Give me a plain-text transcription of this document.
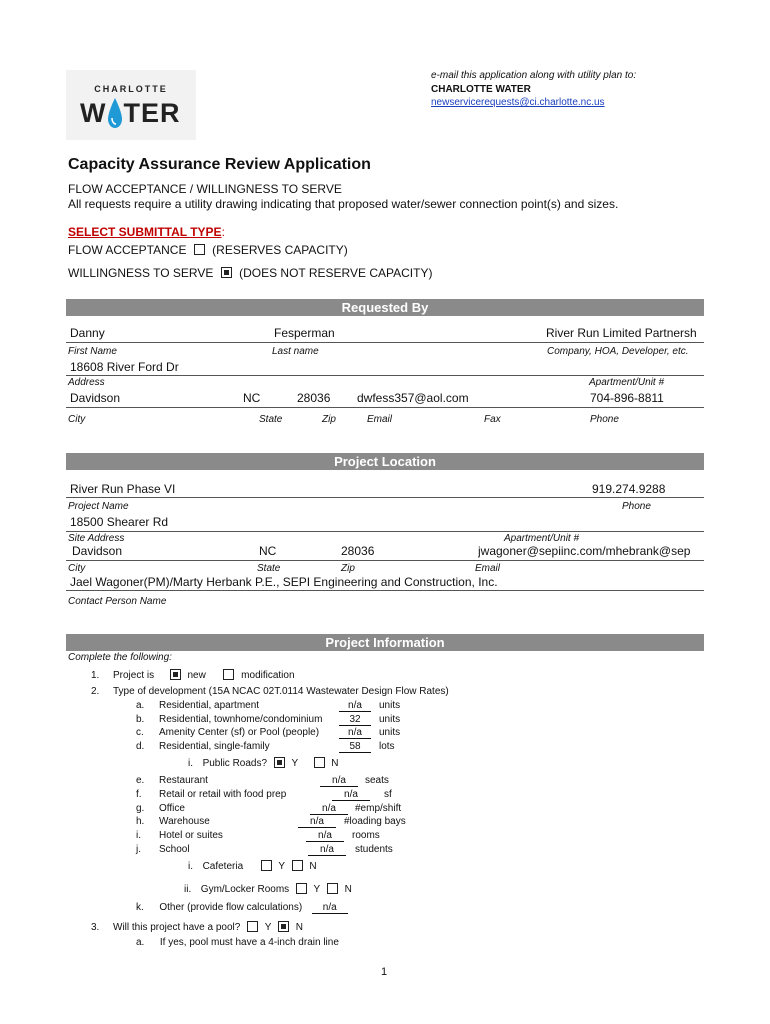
CHARLOTTE
W TER
e-mail this application along with utility plan to:
CHARLOTTE WATER
newservicerequests@ci.charlotte.nc.us
Capacity Assurance Review Application
FLOW ACCEPTANCE / WILLINGNESS TO SERVE
All requests require a utility drawing indicating that proposed water/sewer connection point(s) and sizes.
SELECT SUBMITTAL TYPE:
FLOW ACCEPTANCE (RESERVES CAPACITY)
WILLINGNESS TO SERVE (DOES NOT RESERVE CAPACITY)
Requested By
Danny	Fesperman	River Run Limited Partnersh
First Name	Last name	Company, HOA, Developer, etc.
18608 River Ford Dr
Address	Apartment/Unit #
Davidson	NC	28036 dwfess357@aol.com	704-896-8811
City	State	Zip	Email	Fax	Phone
Project Location
River Run Phase VI	919.274.9288
Project Name	Phone
18500 Shearer Rd
Site Address	Apartment/Unit #
Davidson	NC	28036	jwagoner@sepiinc.com/mhebrank@sep
City	State	Zip	Email
Jael Wagoner(PM)/Marty Herbank P.E., SEPI Engineering and Construction, Inc.
Contact Person Name
Project Information
Complete the following:
1. Project is	new	modification
2. Type of development (15A NCAC 02T.0114 Wastewater Design Flow Rates)
a. Residential, apartment	n/a	units
b. Residential, townhome/condominium	32	units
c. Amenity Center (sf) or Pool (people)	n/a	units
d. Residential, single-family	58	lots
i. Public Roads? Y	N
e. Restaurant	n/a	seats
f. Retail or retail with food prep	n/a	sf
g. Office	n/a	#emp/shift
h. Warehouse	n/a	#loading bays
i. Hotel or suites	n/a	rooms
j. School	n/a	students
i. Cafeteria	Y N
ii. Gym/Locker Rooms Y N
k. Other (provide flow calculations) n/a
3. Will this project have a pool? Y N
a. If yes, pool must have a 4-inch drain line
1
